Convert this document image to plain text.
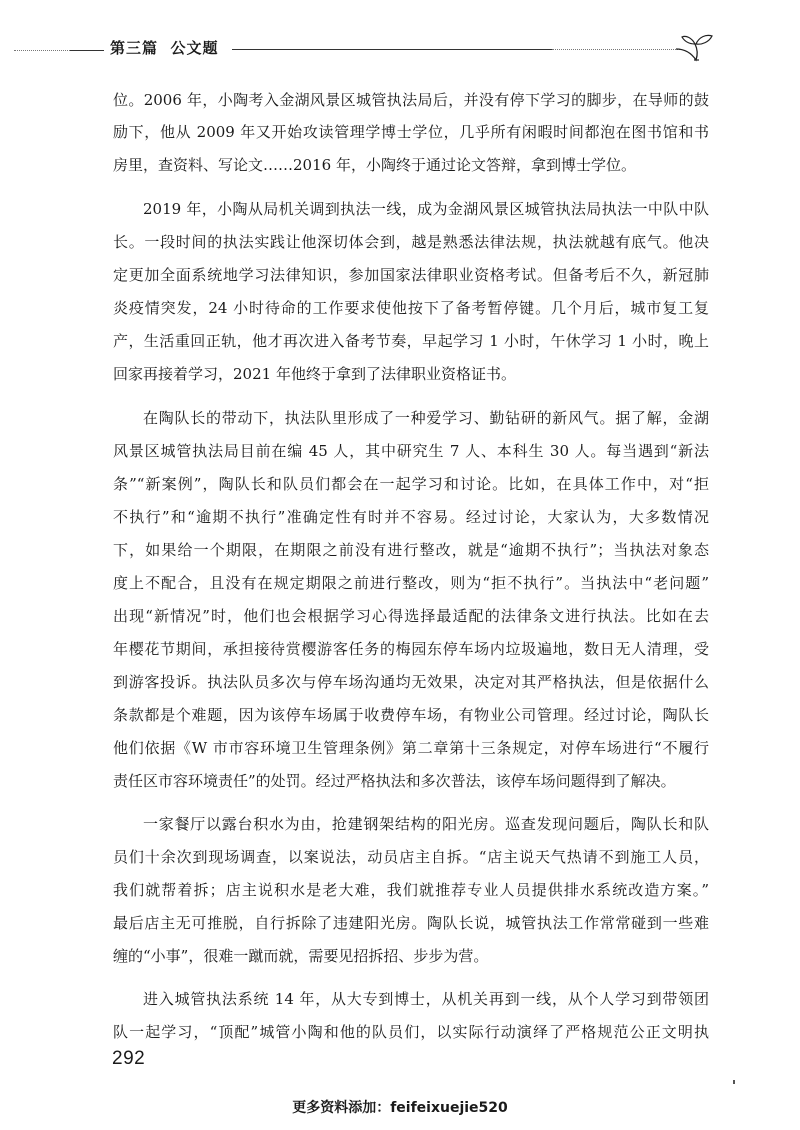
第三篇 公文题
位。2006 年，小陶考入金湖风景区城管执法局后，并没有停下学习的脚步，在导师的鼓
励下，他从 2009 年又开始攻读管理学博士学位，几乎所有闲暇时间都泡在图书馆和书
房里，查资料、写论文……2016 年，小陶终于通过论文答辩，拿到博士学位。
2019 年，小陶从局机关调到执法一线，成为金湖风景区城管执法局执法一中队中队
长。一段时间的执法实践让他深切体会到，越是熟悉法律法规，执法就越有底气。他决
定更加全面系统地学习法律知识，参加国家法律职业资格考试。但备考后不久，新冠肺
炎疫情突发，24 小时待命的工作要求使他按下了备考暂停键。几个月后，城市复工复
产，生活重回正轨，他才再次进入备考节奏，早起学习 1 小时，午休学习 1 小时，晚上
回家再接着学习，2021 年他终于拿到了法律职业资格证书。
在陶队长的带动下，执法队里形成了一种爱学习、勤钻研的新风气。据了解，金湖
风景区城管执法局目前在编 45 人，其中研究生 7 人、本科生 30 人。每当遇到“新法
条”“新案例”，陶队长和队员们都会在一起学习和讨论。比如，在具体工作中，对“拒
不执行”和“逾期不执行”准确定性有时并不容易。经过讨论，大家认为，大多数情况
下，如果给一个期限，在期限之前没有进行整改，就是“逾期不执行”；当执法对象态
度上不配合，且没有在规定期限之前进行整改，则为“拒不执行”。当执法中“老问题”
出现“新情况”时，他们也会根据学习心得选择最适配的法律条文进行执法。比如在去
年樱花节期间，承担接待赏樱游客任务的梅园东停车场内垃圾遍地，数日无人清理，受
到游客投诉。执法队员多次与停车场沟通均无效果，决定对其严格执法，但是依据什么
条款都是个难题，因为该停车场属于收费停车场，有物业公司管理。经过讨论，陶队长
他们依据《W 市市容环境卫生管理条例》第二章第十三条规定，对停车场进行“不履行
责任区市容环境责任”的处罚。经过严格执法和多次普法，该停车场问题得到了解决。
一家餐厅以露台积水为由，抢建钢架结构的阳光房。巡查发现问题后，陶队长和队
员们十余次到现场调查，以案说法，动员店主自拆。“店主说天气热请不到施工人员，
我们就帮着拆；店主说积水是老大难，我们就推荐专业人员提供排水系统改造方案。”
最后店主无可推脱，自行拆除了违建阳光房。陶队长说，城管执法工作常常碰到一些难
缠的“小事”，很难一蹴而就，需要见招拆招、步步为营。
进入城管执法系统 14 年，从大专到博士，从机关再到一线，从个人学习到带领团
队一起学习，“顶配”城管小陶和他的队员们，以实际行动演绎了严格规范公正文明执
292
更多资料添加：feifeixuejie520
